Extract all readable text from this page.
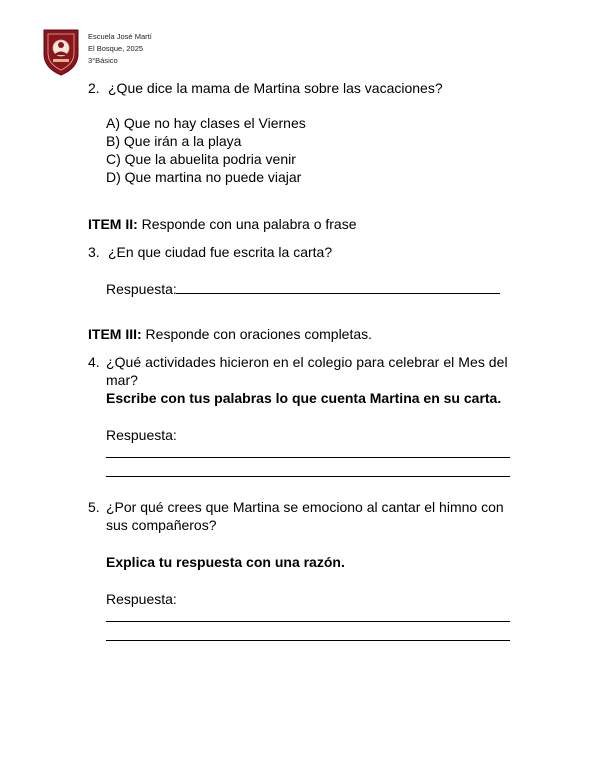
Escuela José Martí
El Bosque, 2025
3°Básico
2. ¿Que dice la mama de Martina sobre las vacaciones?
A) Que no hay clases el Viernes
B) Que irán a la playa
C) Que la abuelita podria venir
D) Que martina no puede viajar
ITEM II: Responde con una palabra o frase
3. ¿En que ciudad fue escrita la carta?
Respuesta:
ITEM III: Responde con oraciones completas.
4. ¿Qué actividades hicieron en el colegio para celebrar el Mes del
mar?
Escribe con tus palabras lo que cuenta Martina en su carta.
Respuesta:
5. ¿Por qué crees que Martina se emociono al cantar el himno con
sus compañeros?
Explica tu respuesta con una razón.
Respuesta:
